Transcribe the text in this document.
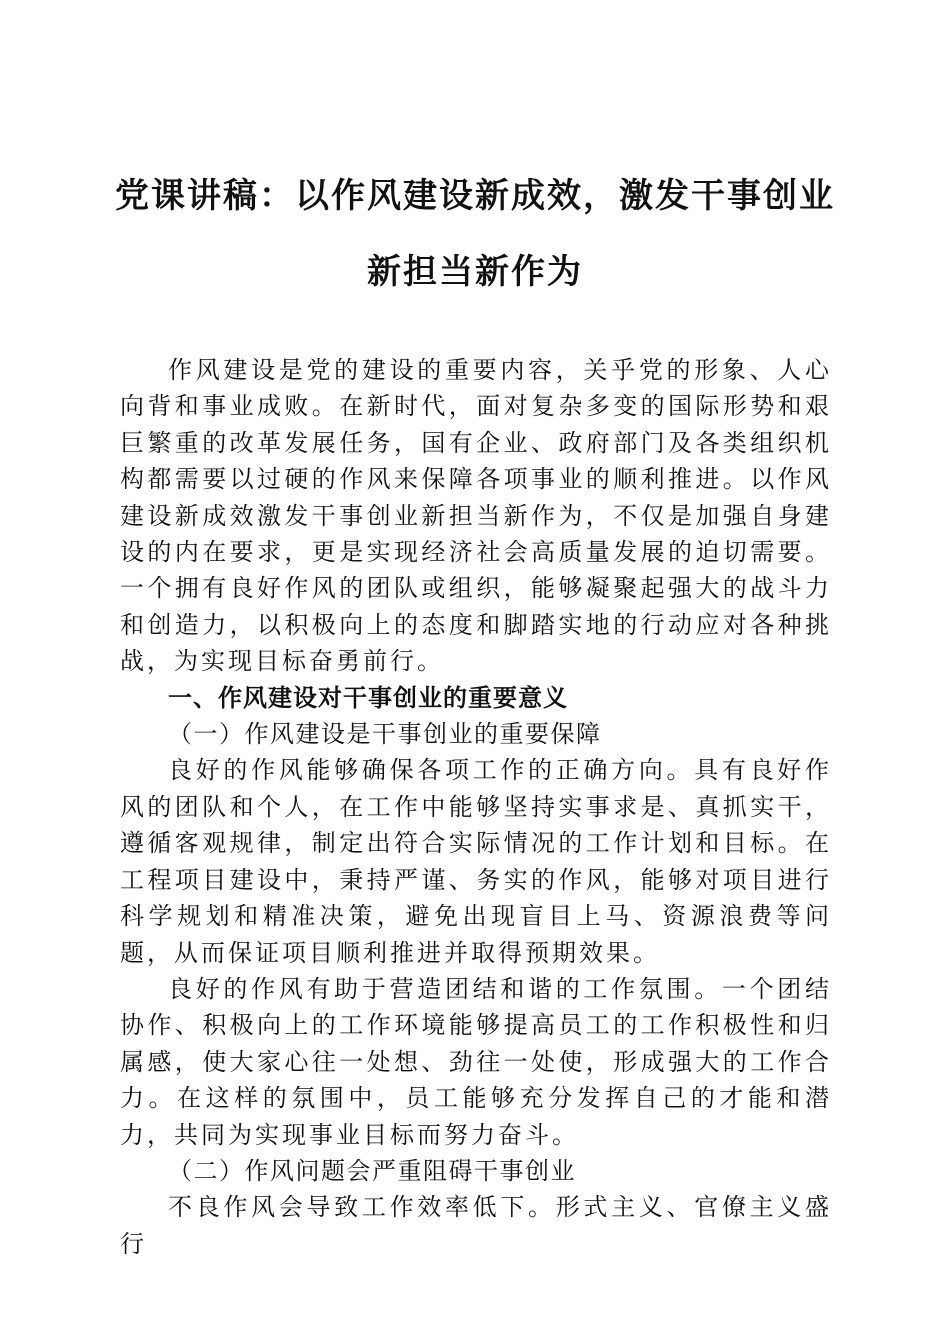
党课讲稿：以作风建设新成效，激发干事创业
新担当新作为

作风建设是党的建设的重要内容，关乎党的形象、人心向背和事业成败。在新时代，面对复杂多变的国际形势和艰巨繁重的改革发展任务，国有企业、政府部门及各类组织机构都需要以过硬的作风来保障各项事业的顺利推进。以作风建设新成效激发干事创业新担当新作为，不仅是加强自身建设的内在要求，更是实现经济社会高质量发展的迫切需要。一个拥有良好作风的团队或组织，能够凝聚起强大的战斗力和创造力，以积极向上的态度和脚踏实地的行动应对各种挑战，为实现目标奋勇前行。

一、作风建设对干事创业的重要意义

（一）作风建设是干事创业的重要保障

良好的作风能够确保各项工作的正确方向。具有良好作风的团队和个人，在工作中能够坚持实事求是、真抓实干，遵循客观规律，制定出符合实际情况的工作计划和目标。在工程项目建设中，秉持严谨、务实的作风，能够对项目进行科学规划和精准决策，避免出现盲目上马、资源浪费等问题，从而保证项目顺利推进并取得预期效果。

良好的作风有助于营造团结和谐的工作氛围。一个团结协作、积极向上的工作环境能够提高员工的工作积极性和归属感，使大家心往一处想、劲往一处使，形成强大的工作合力。在这样的氛围中，员工能够充分发挥自己的才能和潜力，共同为实现事业目标而努力奋斗。

（二）作风问题会严重阻碍干事创业

不良作风会导致工作效率低下。形式主义、官僚主义盛行
